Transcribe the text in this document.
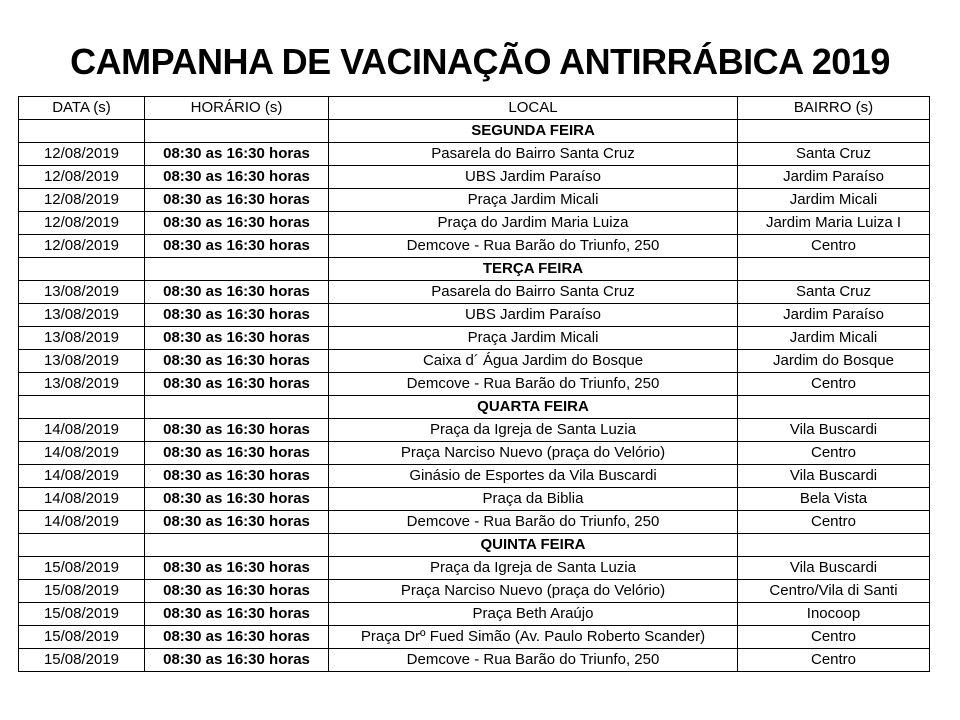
CAMPANHA DE VACINAÇÃO ANTIRRÁBICA 2019
DATA (s)	HORÁRIO (s)	LOCAL	BAIRRO (s)
		SEGUNDA FEIRA	
12/08/2019	08:30 as 16:30 horas	Pasarela do Bairro Santa Cruz	Santa Cruz
12/08/2019	08:30 as 16:30 horas	UBS Jardim Paraíso	Jardim Paraíso
12/08/2019	08:30 as 16:30 horas	Praça Jardim Micali	Jardim Micali
12/08/2019	08:30 as 16:30 horas	Praça do Jardim Maria Luiza	Jardim Maria Luiza I
12/08/2019	08:30 as 16:30 horas	Demcove - Rua Barão do Triunfo, 250	Centro
		TERÇA FEIRA	
13/08/2019	08:30 as 16:30 horas	Pasarela do Bairro Santa Cruz	Santa Cruz
13/08/2019	08:30 as 16:30 horas	UBS Jardim Paraíso	Jardim Paraíso
13/08/2019	08:30 as 16:30 horas	Praça Jardim Micali	Jardim Micali
13/08/2019	08:30 as 16:30 horas	Caixa d´ Água Jardim do Bosque	Jardim do Bosque
13/08/2019	08:30 as 16:30 horas	Demcove - Rua Barão do Triunfo, 250	Centro
		QUARTA FEIRA	
14/08/2019	08:30 as 16:30 horas	Praça da Igreja de Santa Luzia	Vila Buscardi
14/08/2019	08:30 as 16:30 horas	Praça Narciso Nuevo (praça do Velório)	Centro
14/08/2019	08:30 as 16:30 horas	Ginásio de Esportes da Vila Buscardi	Vila Buscardi
14/08/2019	08:30 as 16:30 horas	Praça da Biblia	Bela Vista
14/08/2019	08:30 as 16:30 horas	Demcove - Rua Barão do Triunfo, 250	Centro
		QUINTA FEIRA	
15/08/2019	08:30 as 16:30 horas	Praça da Igreja de Santa Luzia	Vila Buscardi
15/08/2019	08:30 as 16:30 horas	Praça Narciso Nuevo (praça do Velório)	Centro/Vila di Santi
15/08/2019	08:30 as 16:30 horas	Praça Beth Araújo	Inocoop
15/08/2019	08:30 as 16:30 horas	Praça Drº Fued Simão (Av. Paulo Roberto Scander)	Centro
15/08/2019	08:30 as 16:30 horas	Demcove - Rua Barão do Triunfo, 250	Centro
